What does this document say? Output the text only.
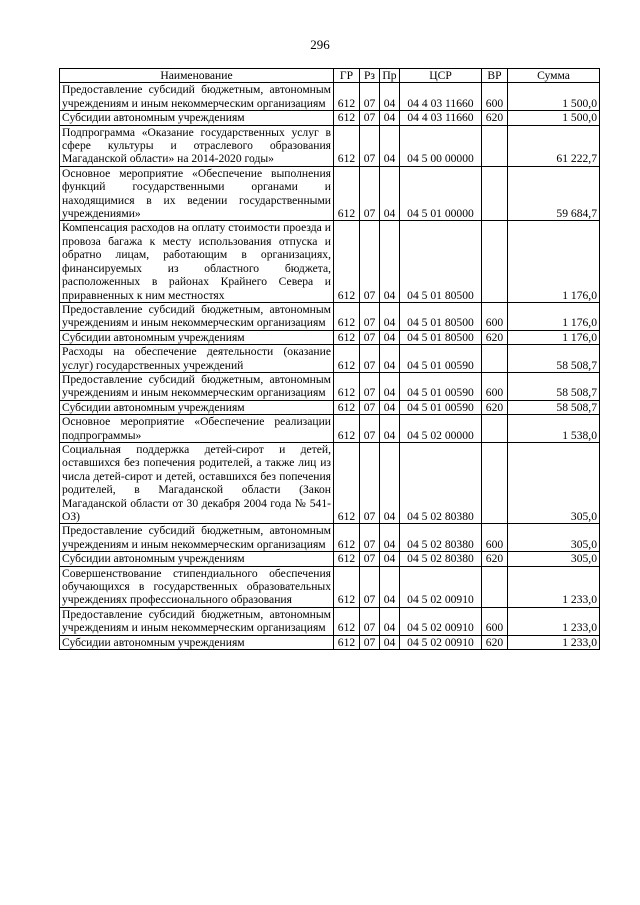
296
Наименование	ГР	Рз	Пр	ЦСР	ВР	Сумма
Предоставление субсидий бюджетным, автономным учреждениям и иным некоммерческим организациям	612	07	04	04 4 03 11660	600	1 500,0
Субсидии автономным учреждениям	612	07	04	04 4 03 11660	620	1 500,0
Подпрограмма «Оказание государственных услуг в сфере культуры и отраслевого образования Магаданской области» на 2014-2020 годы»	612	07	04	04 5 00 00000		61 222,7
Основное мероприятие «Обеспечение выполнения функций государственными органами и находящимися в их ведении государственными учреждениями»	612	07	04	04 5 01 00000		59 684,7
Компенсация расходов на оплату стоимости проезда и провоза багажа к месту использования отпуска и обратно лицам, работающим в организациях, финансируемых из областного бюджета, расположенных в районах Крайнего Севера и приравненных к ним местностях	612	07	04	04 5 01 80500		1 176,0
Предоставление субсидий бюджетным, автономным учреждениям и иным некоммерческим организациям	612	07	04	04 5 01 80500	600	1 176,0
Субсидии автономным учреждениям	612	07	04	04 5 01 80500	620	1 176,0
Расходы на обеспечение деятельности (оказание услуг) государственных учреждений	612	07	04	04 5 01 00590		58 508,7
Предоставление субсидий бюджетным, автономным учреждениям и иным некоммерческим организациям	612	07	04	04 5 01 00590	600	58 508,7
Субсидии автономным учреждениям	612	07	04	04 5 01 00590	620	58 508,7
Основное мероприятие «Обеспечение реализации подпрограммы»	612	07	04	04 5 02 00000		1 538,0
Социальная поддержка детей-сирот и детей, оставшихся без попечения родителей, а также лиц из числа детей-сирот и детей, оставшихся без попечения родителей, в Магаданской области (Закон Магаданской области от 30 декабря 2004 года № 541-ОЗ)	612	07	04	04 5 02 80380		305,0
Предоставление субсидий бюджетным, автономным учреждениям и иным некоммерческим организациям	612	07	04	04 5 02 80380	600	305,0
Субсидии автономным учреждениям	612	07	04	04 5 02 80380	620	305,0
Совершенствование стипендиального обеспечения обучающихся в государственных образовательных учреждениях профессионального образования	612	07	04	04 5 02 00910		1 233,0
Предоставление субсидий бюджетным, автономным учреждениям и иным некоммерческим организациям	612	07	04	04 5 02 00910	600	1 233,0
Субсидии автономным учреждениям	612	07	04	04 5 02 00910	620	1 233,0
